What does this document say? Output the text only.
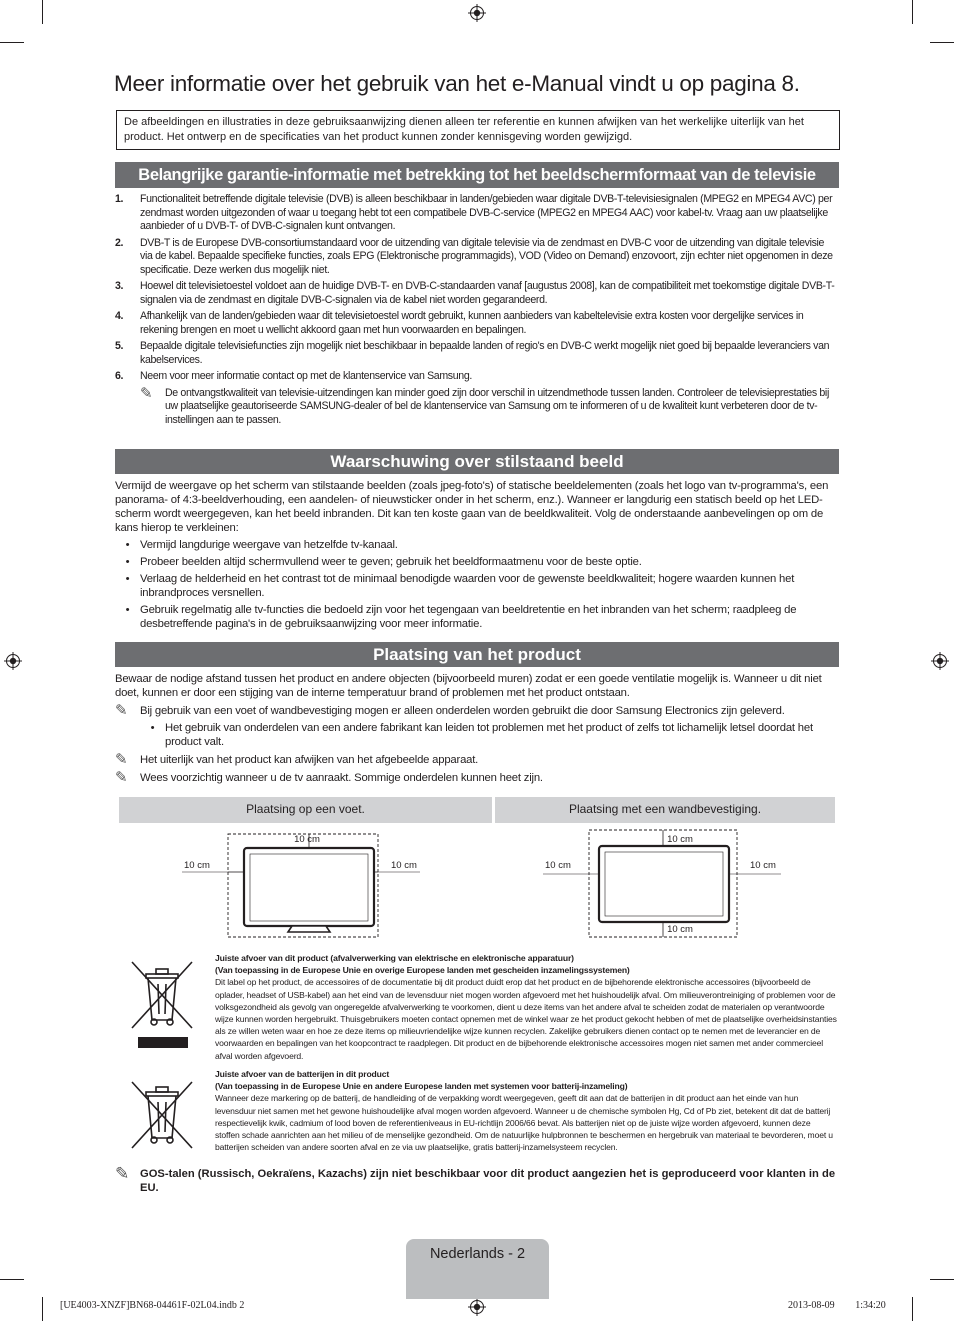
Meer informatie over het gebruik van het e-Manual vindt u op pagina 8.
De afbeeldingen en illustraties in deze gebruiksaanwijzing dienen alleen ter referentie en kunnen afwijken van het werkelijke uiterlijk van het product. Het ontwerp en de specificaties van het product kunnen zonder kennisgeving worden gewijzigd.
Belangrijke garantie-informatie met betrekking tot het beeldschermformaat van de televisie
1.	Functionaliteit betreffende digitale televisie (DVB) is alleen beschikbaar in landen/gebieden waar digitale DVB-T-televisiesignalen (MPEG2 en MPEG4 AVC) per zendmast worden uitgezonden of waar u toegang hebt tot een compatibele DVB-C-service (MPEG2 en MPEG4 AAC) voor kabel-tv. Vraag aan uw plaatselijke aanbieder of u DVB-T- of DVB-C-signalen kunt ontvangen.
2.	DVB-T is de Europese DVB-consortiumstandaard voor de uitzending van digitale televisie via de zendmast en DVB-C voor de uitzending van digitale televisie via de kabel. Bepaalde specifieke functies, zoals EPG (Elektronische programmagids), VOD (Video on Demand) enzovoort, zijn echter niet opgenomen in deze specificatie. Deze werken dus mogelijk niet.
3.	Hoewel dit televisietoestel voldoet aan de huidige DVB-T- en DVB-C-standaarden vanaf [augustus 2008], kan de compatibiliteit met toekomstige digitale DVB-T-signalen via de zendmast en digitale DVB-C-signalen via de kabel niet worden gegarandeerd.
4.	Afhankelijk van de landen/gebieden waar dit televisietoestel wordt gebruikt, kunnen aanbieders van kabeltelevisie extra kosten voor dergelijke services in rekening brengen en moet u wellicht akkoord gaan met hun voorwaarden en bepalingen.
5.	Bepaalde digitale televisiefuncties zijn mogelijk niet beschikbaar in bepaalde landen of regio's en DVB-C werkt mogelijk niet goed bij bepaalde leveranciers van kabelservices.
6.	Neem voor meer informatie contact op met de klantenservice van Samsung.
✎	De ontvangstkwaliteit van televisie-uitzendingen kan minder goed zijn door verschil in uitzendmethode tussen landen. Controleer de televisieprestaties bij uw plaatselijke geautoriseerde SAMSUNG-dealer of bel de klantenservice van Samsung om te informeren of u de kwaliteit kunt verbeteren door de tv-instellingen aan te passen.
Waarschuwing over stilstaand beeld
Vermijd de weergave op het scherm van stilstaande beelden (zoals jpeg-foto's) of statische beeldelementen (zoals het logo van tv-programma's, een panorama- of 4:3-beeldverhouding, een aandelen- of nieuwsticker onder in het scherm, enz.). Wanneer er langdurig een statisch beeld op het LED-scherm wordt weergegeven, kan het beeld inbranden. Dit kan ten koste gaan van de beeldkwaliteit. Volg de onderstaande aanbevelingen op om de kans hierop te verkleinen:
• Vermijd langdurige weergave van hetzelfde tv-kanaal.
• Probeer beelden altijd schermvullend weer te geven; gebruik het beeldformaatmenu voor de beste optie.
• Verlaag de helderheid en het contrast tot de minimaal benodigde waarden voor de gewenste beeldkwaliteit; hogere waarden kunnen het inbrandproces versnellen.
• Gebruik regelmatig alle tv-functies die bedoeld zijn voor het tegengaan van beeldretentie en het inbranden van het scherm; raadpleeg de desbetreffende pagina's in de gebruiksaanwijzing voor meer informatie.
Plaatsing van het product
Bewaar de nodige afstand tussen het product en andere objecten (bijvoorbeeld muren) zodat er een goede ventilatie mogelijk is. Wanneer u dit niet doet, kunnen er door een stijging van de interne temperatuur brand of problemen met het product ontstaan.
✎	Bij gebruik van een voet of wandbevestiging mogen er alleen onderdelen worden gebruikt die door Samsung Electronics zijn geleverd.
• Het gebruik van onderdelen van een andere fabrikant kan leiden tot problemen met het product of zelfs tot lichamelijk letsel doordat het product valt.
✎	Het uiterlijk van het product kan afwijken van het afgebeelde apparaat.
✎	Wees voorzichtig wanneer u de tv aanraakt. Sommige onderdelen kunnen heet zijn.
Plaatsing op een voet.	Plaatsing met een wandbevestiging.
10 cm
10 cm	10 cm
10 cm
10 cm	10 cm
10 cm
Juiste afvoer van dit product (afvalverwerking van elektrische en elektronische apparatuur)
(Van toepassing in de Europese Unie en overige Europese landen met gescheiden inzamelingssystemen)
Dit label op het product, de accessoires of de documentatie bij dit product duidt erop dat het product en de bijbehorende elektronische accessoires (bijvoorbeeld de oplader, headset of USB-kabel) aan het eind van de levensduur niet mogen worden afgevoerd met het huishoudelijk afval. Om milieuverontreiniging of problemen voor de volksgezondheid als gevolg van ongeregelde afvalverwerking te voorkomen, dient u deze items van het andere afval te scheiden zodat de materialen op verantwoorde wijze kunnen worden hergebruikt. Thuisgebruikers moeten contact opnemen met de winkel waar ze het product gekocht hebben of met de plaatselijke overheidsinstanties als ze willen weten waar en hoe ze deze items op milieuvriendelijke wijze kunnen recyclen. Zakelijke gebruikers dienen contact op te nemen met de leverancier en de voorwaarden en bepalingen van het koopcontract te raadplegen. Dit product en de bijbehorende elektronische accessoires mogen niet samen met ander commercieel afval worden afgevoerd.
Juiste afvoer van de batterijen in dit product
(Van toepassing in de Europese Unie en andere Europese landen met systemen voor batterij-inzameling)
Wanneer deze markering op de batterij, de handleiding of de verpakking wordt weergegeven, geeft dit aan dat de batterijen in dit product aan het einde van hun levensduur niet samen met het gewone huishoudelijke afval mogen worden afgevoerd. Wanneer u de chemische symbolen Hg, Cd of Pb ziet, betekent dit dat de batterij respectievelijk kwik, cadmium of lood boven de referentieniveaus in EU-richtlijn 2006/66 bevat. Als batterijen niet op de juiste wijze worden afgevoerd, kunnen deze stoffen schade aanrichten aan het milieu of de menselijke gezondheid. Om de natuurlijke hulpbronnen te beschermen en hergebruik van materiaal te bevorderen, moet u batterijen scheiden van andere soorten afval en ze via uw plaatselijke, gratis batterij-inzamelsysteem recyclen.
✎ GOS-talen (Russisch, Oekraïens, Kazachs) zijn niet beschikbaar voor dit product aangezien het is geproduceerd voor klanten in de EU.
Nederlands - 2
[UE4003-XNZF]BN68-04461F-02L04.indb 2	2013-08-09 ￿￿ 1:34:20
